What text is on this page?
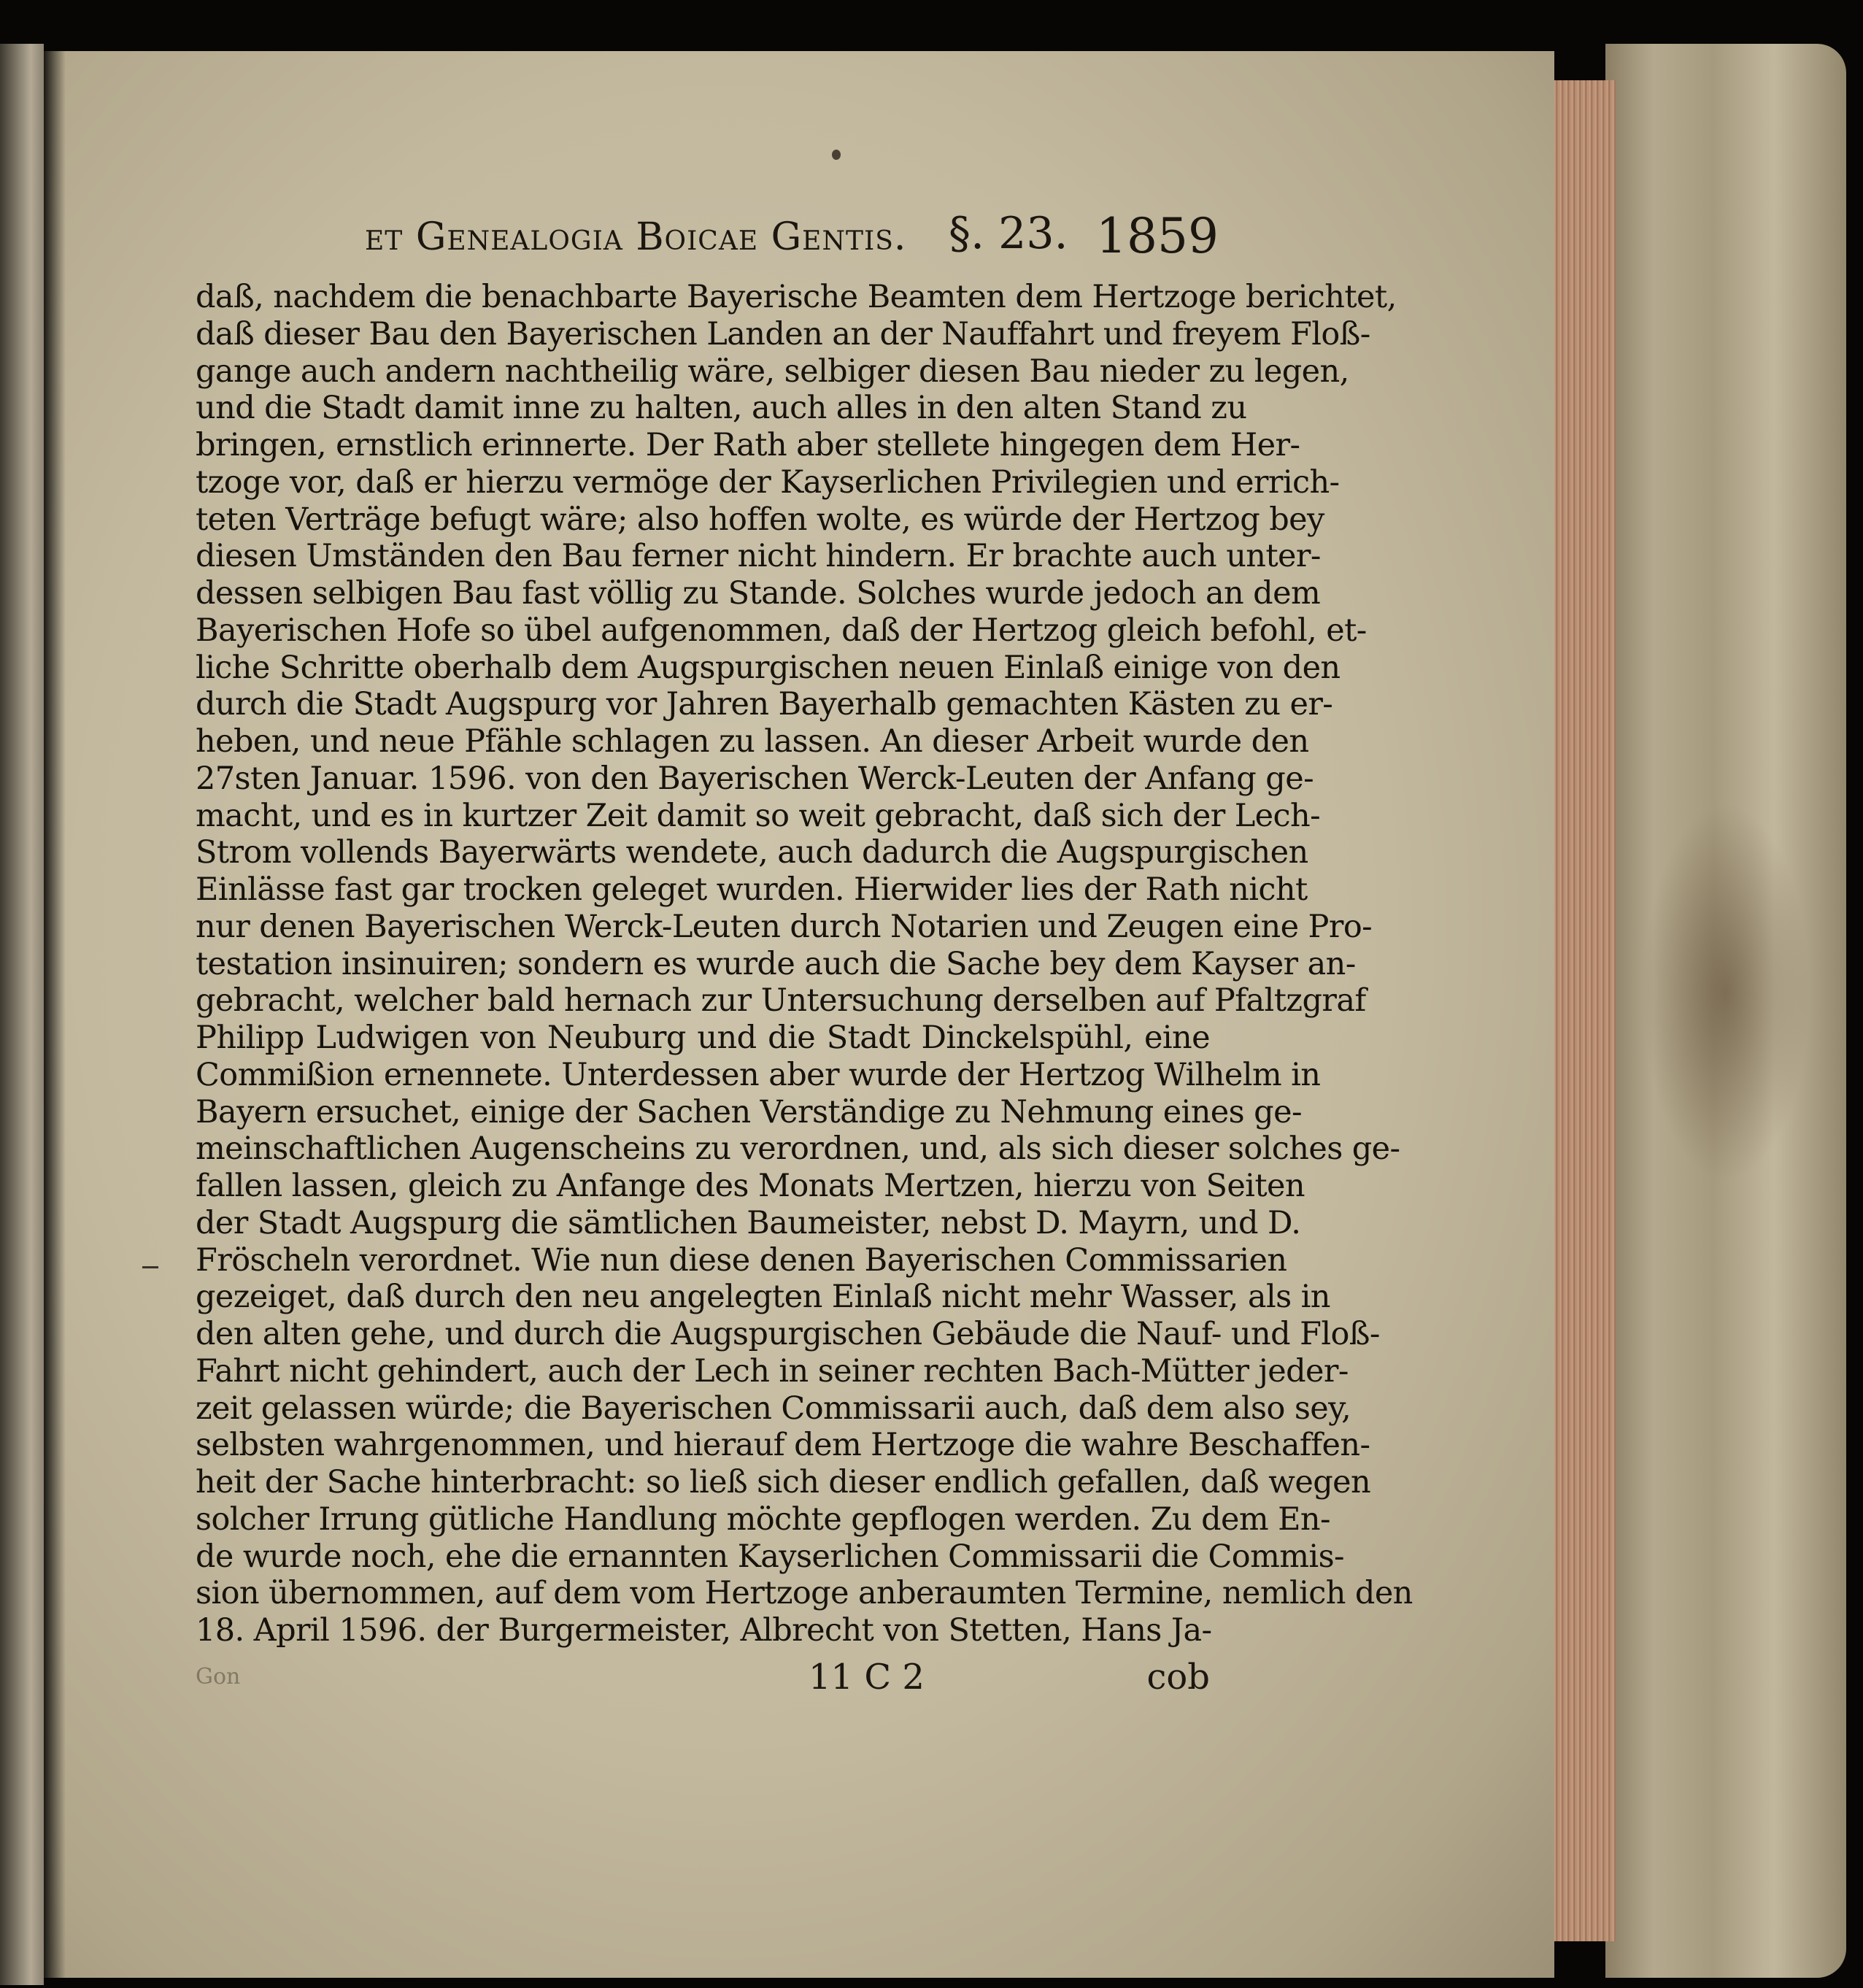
et Genealogia Boicae Gentis. §. 23. 1859
daß, nachdem die benachbarte Bayerische Beamten dem Hertzoge berichtet,
daß dieser Bau den Bayerischen Landen an der Nauffahrt und freyem Floß-
gange auch andern nachtheilig wäre, selbiger diesen Bau nieder zu legen,
und die Stadt damit inne zu halten, auch alles in den alten Stand zu
bringen, ernstlich erinnerte. Der Rath aber stellete hingegen dem Her-
tzoge vor, daß er hierzu vermöge der Kayserlichen Privilegien und errich-
teten Verträge befugt wäre; also hoffen wolte, es würde der Hertzog bey
diesen Umständen den Bau ferner nicht hindern. Er brachte auch unter-
dessen selbigen Bau fast völlig zu Stande. Solches wurde jedoch an dem
Bayerischen Hofe so übel aufgenommen, daß der Hertzog gleich befohl, et-
liche Schritte oberhalb dem Augspurgischen neuen Einlaß einige von den
durch die Stadt Augspurg vor Jahren Bayerhalb gemachten Kästen zu er-
heben, und neue Pfähle schlagen zu lassen. An dieser Arbeit wurde den
27sten Januar. 1596. von den Bayerischen Werck-Leuten der Anfang ge-
macht, und es in kurtzer Zeit damit so weit gebracht, daß sich der Lech-
Strom vollends Bayerwärts wendete, auch dadurch die Augspurgischen
Einlässe fast gar trocken geleget wurden. Hierwider lies der Rath nicht
nur denen Bayerischen Werck-Leuten durch Notarien und Zeugen eine Pro-
testation insinuiren; sondern es wurde auch die Sache bey dem Kayser an-
gebracht, welcher bald hernach zur Untersuchung derselben auf Pfaltzgraf
Philipp Ludwigen von Neuburg und die Stadt Dinckelspühl, eine
Commißion ernennete. Unterdessen aber wurde der Hertzog Wilhelm in
Bayern ersuchet, einige der Sachen Verständige zu Nehmung eines ge-
meinschaftlichen Augenscheins zu verordnen, und, als sich dieser solches ge-
fallen lassen, gleich zu Anfange des Monats Mertzen, hierzu von Seiten
der Stadt Augspurg die sämtlichen Baumeister, nebst D. Mayrn, und D.
Fröscheln verordnet. Wie nun diese denen Bayerischen Commissarien
gezeiget, daß durch den neu angelegten Einlaß nicht mehr Wasser, als in
den alten gehe, und durch die Augspurgischen Gebäude die Nauf- und Floß-
Fahrt nicht gehindert, auch der Lech in seiner rechten Bach-Mütter jeder-
zeit gelassen würde; die Bayerischen Commissarii auch, daß dem also sey,
selbsten wahrgenommen, und hierauf dem Hertzoge die wahre Beschaffen-
heit der Sache hinterbracht: so ließ sich dieser endlich gefallen, daß wegen
solcher Irrung gütliche Handlung möchte gepflogen werden. Zu dem En-
de wurde noch, ehe die ernannten Kayserlichen Commissarii die Commis-
sion übernommen, auf dem vom Hertzoge anberaumten Termine, nemlich den
18. April 1596. der Burgermeister, Albrecht von Stetten, Hans Ja-
Gon	11 C 2	cob
